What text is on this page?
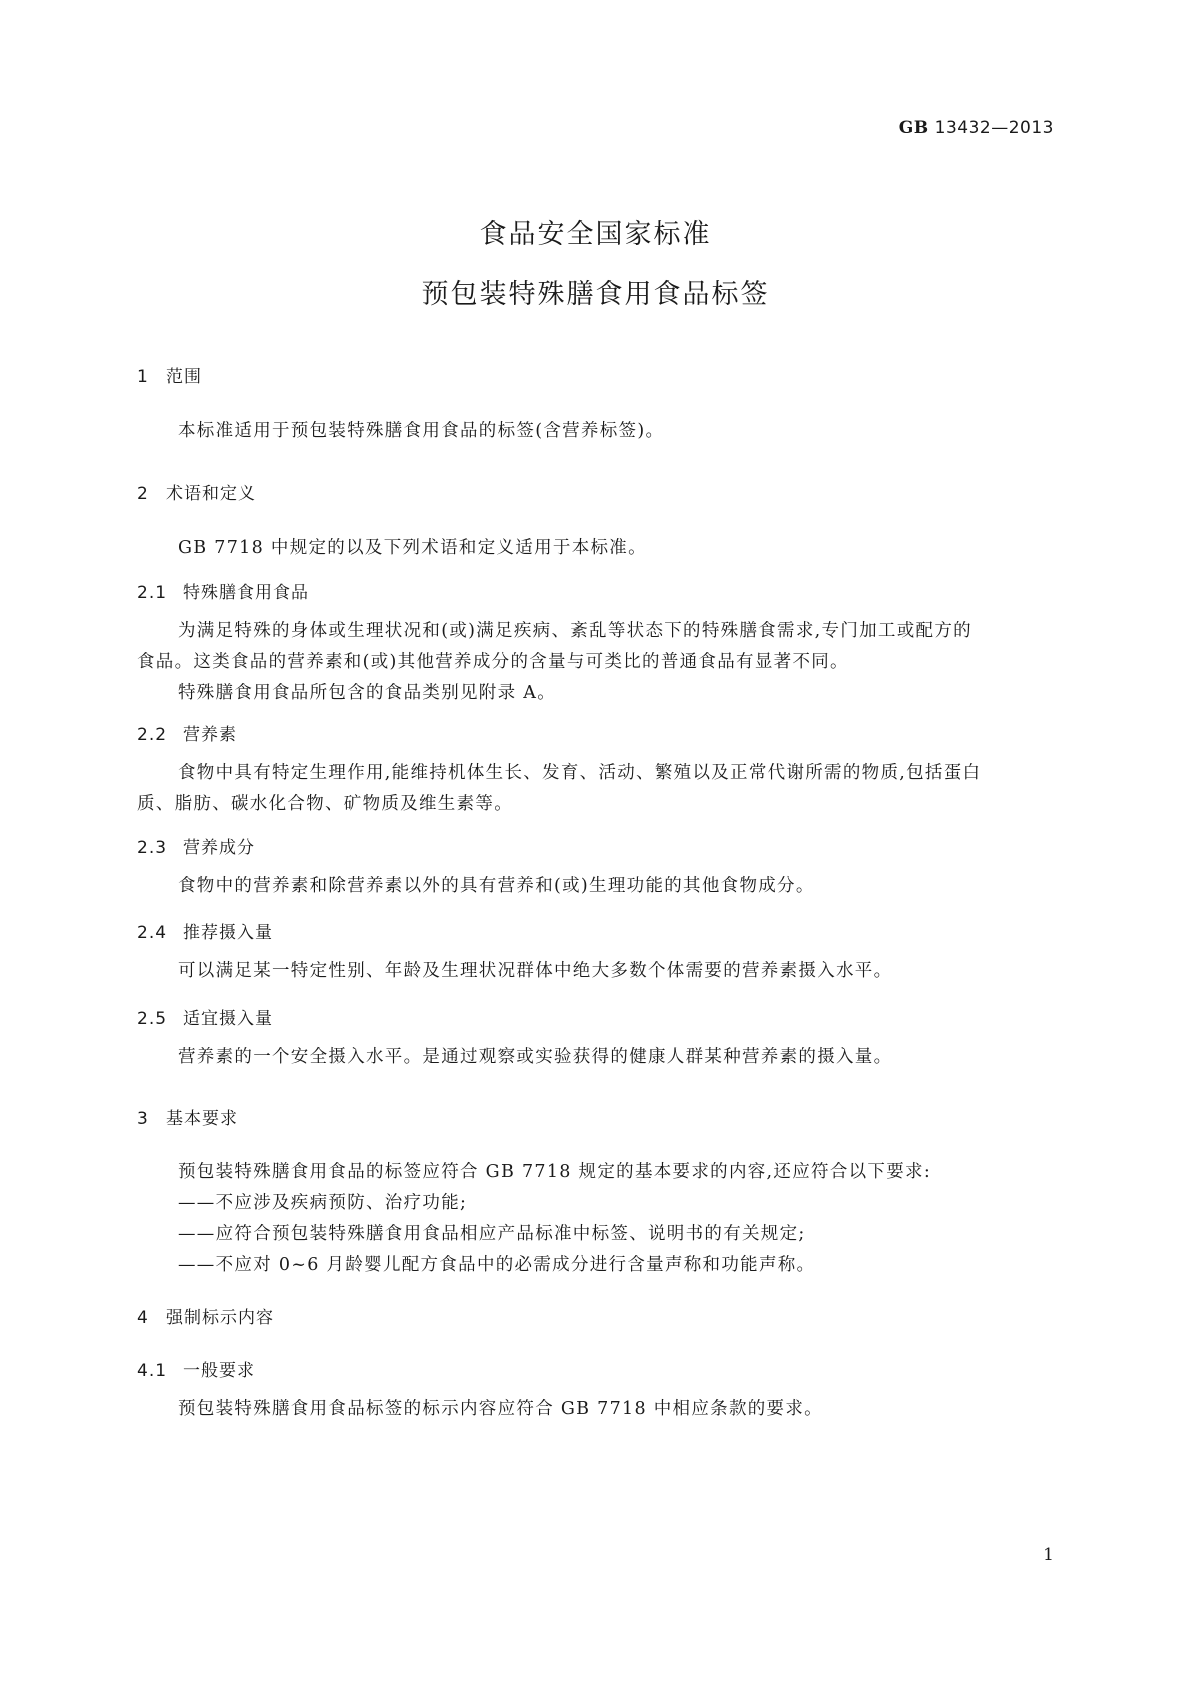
GB 13432—2013
食品安全国家标准
预包装特殊膳食用食品标签
1 范围
本标准适用于预包装特殊膳食用食品的标签(含营养标签)。
2 术语和定义
GB 7718 中规定的以及下列术语和定义适用于本标准。
2.1 特殊膳食用食品
为满足特殊的身体或生理状况和(或)满足疾病、紊乱等状态下的特殊膳食需求,专门加工或配方的
食品。这类食品的营养素和(或)其他营养成分的含量与可类比的普通食品有显著不同。
特殊膳食用食品所包含的食品类别见附录 A。
2.2 营养素
食物中具有特定生理作用,能维持机体生长、发育、活动、繁殖以及正常代谢所需的物质,包括蛋白
质、脂肪、碳水化合物、矿物质及维生素等。
2.3 营养成分
食物中的营养素和除营养素以外的具有营养和(或)生理功能的其他食物成分。
2.4 推荐摄入量
可以满足某一特定性别、年龄及生理状况群体中绝大多数个体需要的营养素摄入水平。
2.5 适宜摄入量
营养素的一个安全摄入水平。是通过观察或实验获得的健康人群某种营养素的摄入量。
3 基本要求
预包装特殊膳食用食品的标签应符合 GB 7718 规定的基本要求的内容,还应符合以下要求:
——不应涉及疾病预防、治疗功能;
——应符合预包装特殊膳食用食品相应产品标准中标签、说明书的有关规定;
——不应对 0~6 月龄婴儿配方食品中的必需成分进行含量声称和功能声称。
4 强制标示内容
4.1 一般要求
预包装特殊膳食用食品标签的标示内容应符合 GB 7718 中相应条款的要求。
1
